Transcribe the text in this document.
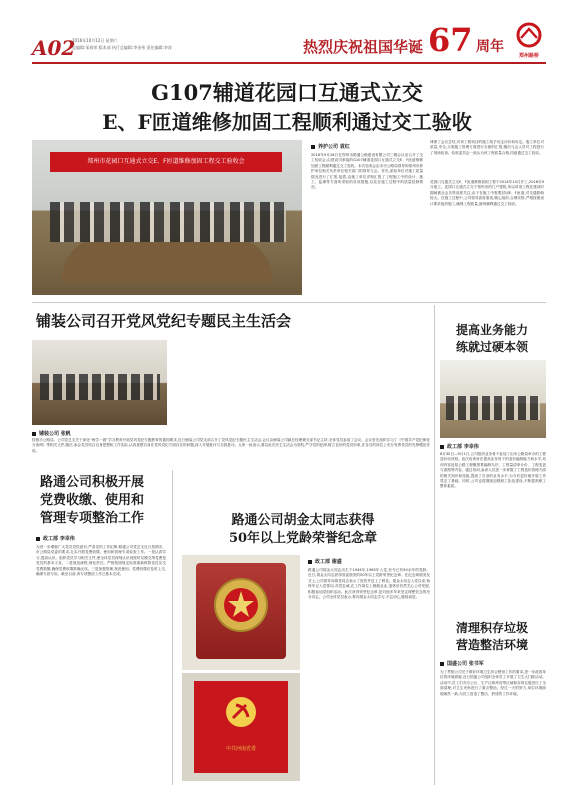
A02
2016年10月12日 星期六
总编辑:邹春荣 版本部 执行总编辑:李金伟 责任编辑:李涛	热烈庆祝祖国华诞 67 周年
郑州路桥
G107辅道花园口互通式立交
E、F匝道维修加固工程顺利通过交工验收
郑州市花园口互通式立交E、F匝道维修加固工程交工验收会
养护公司 袁红
2016年9月28日在郑州市路通公路建设有限公司三楼会议室召开了交工验收会,由建设司承接的G107辅道花园口互通式立交E、F匝道维修加固工程顺利通过交工验收。本次验收会由市市公路局领导和郑州市养护单位相关负责单位相关部门的领导与会。首先,质检单位对施工质量情况进行了汇报,接着,由施工单位详细汇报了工程施工中的设计、施工、监理等方面所采取的各项措施,以及在施工过程中的质量控制情况。
律保了会议总结,对该工程项目的施工给予肯定评价和肯定。施工单位对质量,安全,文明施工管理方面进行全面的汇报,随后与会人员对工程进行了现场检查。验收委员会一致认为该工程质量合格,同意通过交工验收。
花园口互通式立交E、F匝道维修加固工程于2014年10月开工,2016年9月竣工。花园口互通式立交于郑州市的门户建筑,所以该项工程在建设时期就被社会各界高度关注,由于在施工中需要封闭E、F匝道,对交通影响较大。在施工过程中,公司领导高度重视,精心组织,合理安排,严格按照设计要求组织施工,确保工程质量,最终顺利通过交工验收。
铺装公司召开党风党纪专题民主生活会
铺装公司 张帆
按照市公路局、公司党总支关于深化“两学一做”学习教育开展党风党纪专题教育的通知要求,近日铺装公司党支部召开了党风党纪专题民主生活会,会议由铺装公司副总经理兼支部书记主持,全体党员参加了会议。会议首先组织学习了《中国共产党纪律处分条例》等相关文件,随后,参会党员结合自身思想和工作实际,认真查摆自身在党风党纪方面存在的问题,深入开展批评与自我批评。大家一致表示,要以此次民主生活会为契机,严守党的纪律,树立良好的党员形象,在各自的岗位上充分发挥党员的先锋模范作用。
提高业务能力
练就过硬本领
政工部 李幸伟
8月30日—9月1日,公司组织业务骨干参加了由市公路局举办的工程造价培训班。此次培训旨在提高业务骨干的造价编制能力和水平,培训内容包括公路工程概预算编制办法、工程量清单计价、工程变更与索赔等内容。通过培训,参训人员进一步掌握了工程造价管理方面的相关知识和技能,提高了自身的业务水平,为今后更好地开展工作奠定了基础。同时,公司也将继续加强职工队伍建设,不断提高职工整体素质。
路通公司积极开展
党费收缴、使用和
管理专项整治工作
政工部 李幸伟
为进一步增强广大党员党性意识,严肃党的工作纪律,路通公司党总支近日按照市、市公路局党委的要求,扎实开展党费收缴、使用和管理专项检查工作。一是认真学习,提高认识。组织党员学习相关文件,使全体党员深刻认识到按时足额交纳党费是党员的基本义务。二是规范流程,细化责任。严格按照规定标准重新核算党员应交党费数额,确保党费收缴准确无误。三是加强管理,规范使用。党费收缴后及时上交,确保专款专用。截至目前,该专项整治工作已基本完成。
路通公司胡金太同志获得
50年以上党龄荣誉纪念章
中共河南省委
政工部 谢盛
路通公司胡金太同志出生于1944年,1965年入党,至今已有50余年的党龄。近日,胡金太同志获得省委颁发的50年以上党龄荣誉纪念章。在纪念章颁发仪式上,公司领导向胡老同志表示了祝贺并送上了鲜花。胡金太同志入党以来,始终牢记入党誓词,对党忠诚,在工作岗位上兢兢业业,退休后仍然关心公司发展,积极参加党组织活动。此次获得荣誉纪念章,是对他多年来坚定理想信念的充分肯定。公司全体党员表示,要向胡金太同志学习,不忘初心,继续前进。
清理积存垃圾
营造整洁环境
国盛公司 张书军
为了贯彻公司关于做好环境卫生综合整治工作的要求,进一步改善单位的环境面貌,近日国盛公司组织全体员工开展了卫生大扫除活动。活动中,员工们对办公区、生产区和库房等区域积存的垃圾进行了全面清理,对卫生死角进行了重点整治。经过一天的努力,单位环境面貌焕然一新,为员工营造了整洁、舒适的工作环境。
